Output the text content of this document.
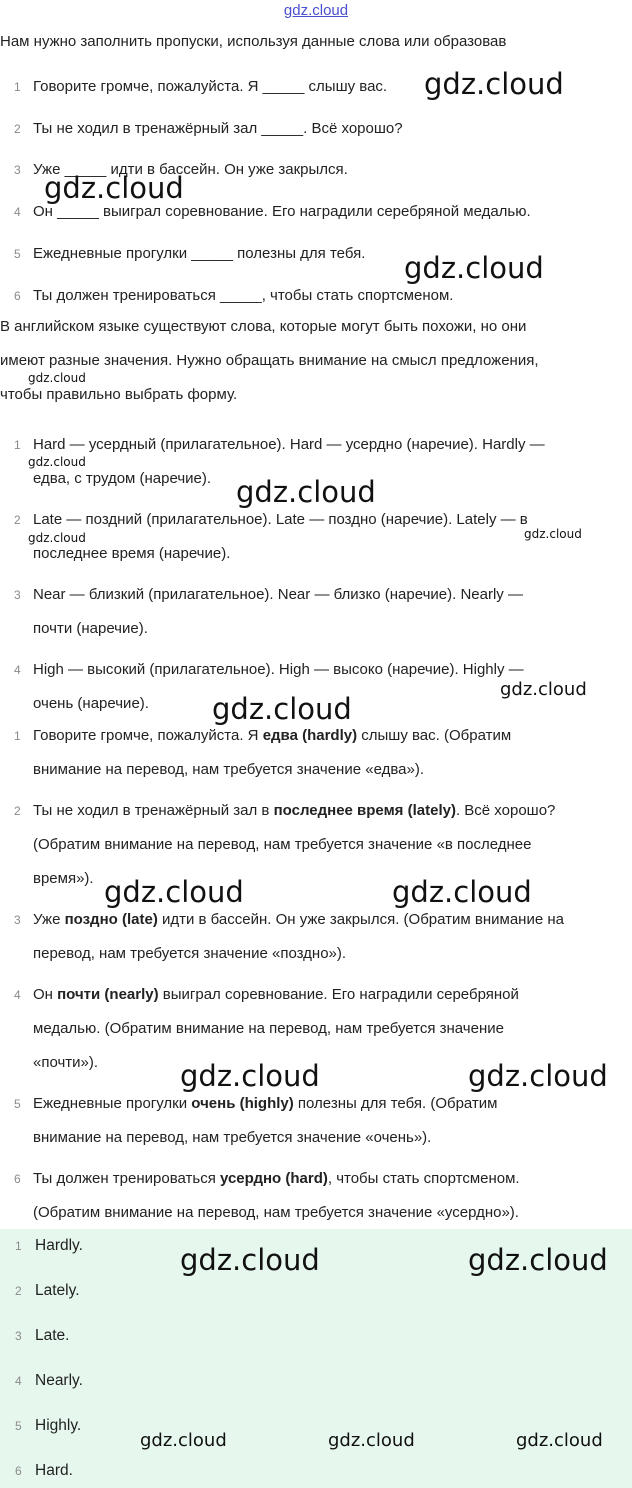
gdz.cloud

Нам нужно заполнить пропуски, используя данные слова или образовав

1 Говорите громче, пожалуйста. Я _____ слышу вас.
2 Ты не ходил в тренажёрный зал _____. Всё хорошо?
3 Уже _____ идти в бассейн. Он уже закрылся.
4 Он _____ выиграл соревнование. Его наградили серебряной медалью.
5 Ежедневные прогулки _____ полезны для тебя.
6 Ты должен тренироваться _____, чтобы стать спортсменом.

В английском языке существуют слова, которые могут быть похожи, но они

имеют разные значения. Нужно обращать внимание на смысл предложения,

чтобы правильно выбрать форму.

1 Hard — усердный (прилагательное). Hard — усердно (наречие). Hardly —
едва, с трудом (наречие).
2 Late — поздний (прилагательное). Late — поздно (наречие). Lately — в
последнее время (наречие).
3 Near — близкий (прилагательное). Near — близко (наречие). Nearly —
почти (наречие).
4 High — высокий (прилагательное). High — высоко (наречие). Highly —
очень (наречие).
1 Говорите громче, пожалуйста. Я едва (hardly) слышу вас. (Обратим
внимание на перевод, нам требуется значение «едва»).
2 Ты не ходил в тренажёрный зал в последнее время (lately). Всё хорошо?
(Обратим внимание на перевод, нам требуется значение «в последнее
время»).
3 Уже поздно (late) идти в бассейн. Он уже закрылся. (Обратим внимание на
перевод, нам требуется значение «поздно»).
4 Он почти (nearly) выиграл соревнование. Его наградили серебряной
медалью. (Обратим внимание на перевод, нам требуется значение
«почти»).
5 Ежедневные прогулки очень (highly) полезны для тебя. (Обратим
внимание на перевод, нам требуется значение «очень»).
6 Ты должен тренироваться усердно (hard), чтобы стать спортсменом.
(Обратим внимание на перевод, нам требуется значение «усердно»).
1 Hardly.
2 Lately.
3 Late.
4 Nearly.
5 Highly.
6 Hard.
gdz.cloud
gdz.cloud
gdz.cloud
gdz.cloud
gdz.cloud
gdz.cloud
gdz.cloud	gdz.cloud
gdz.cloud
gdz.cloud
gdz.cloud	gdz.cloud
gdz.cloud	gdz.cloud
gdz.cloud	gdz.cloud
gdz.cloud	gdz.cloud	gdz.cloud
